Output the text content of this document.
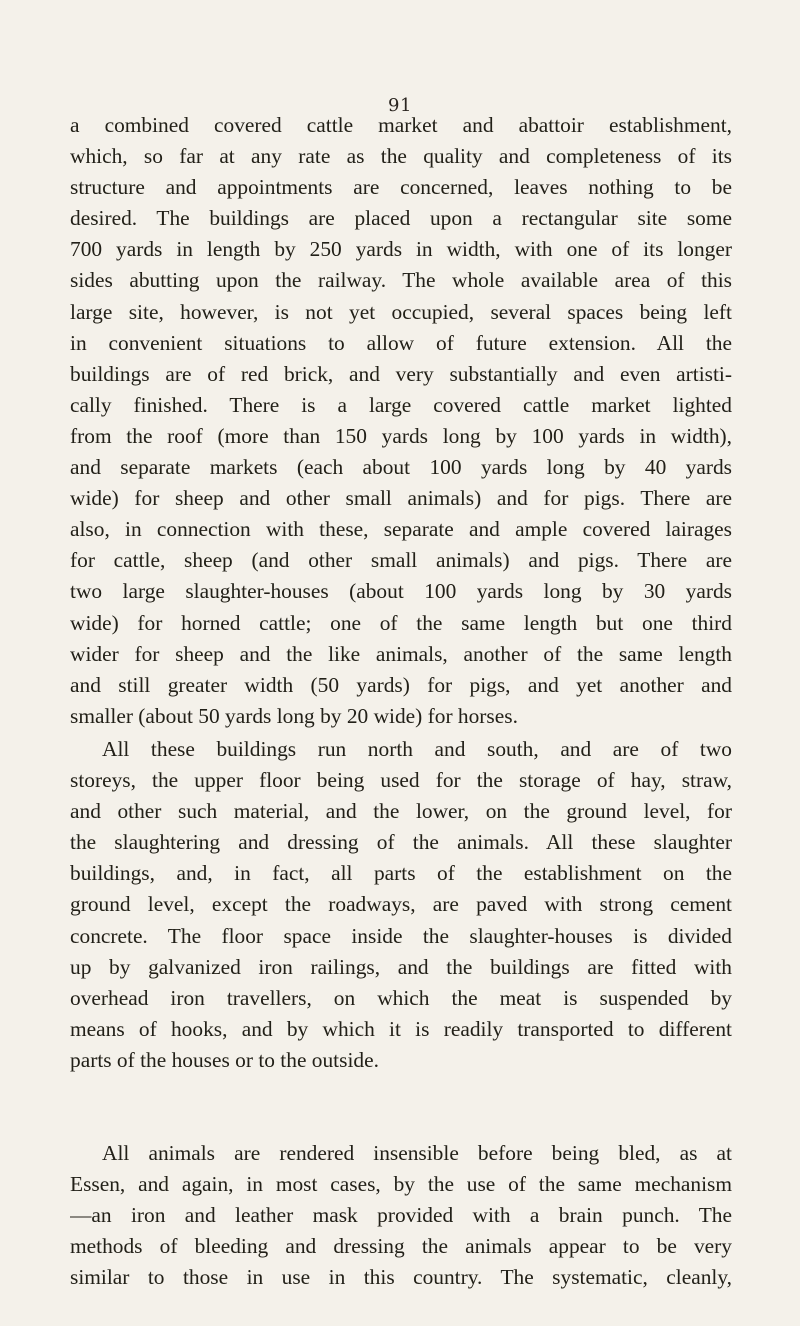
91
a combined covered cattle market and abattoir establishment,
which, so far at any rate as the quality and completeness of its
structure and appointments are concerned, leaves nothing to be
desired. The buildings are placed upon a rectangular site some
700 yards in length by 250 yards in width, with one of its longer
sides abutting upon the railway. The whole available area of this
large site, however, is not yet occupied, several spaces being left
in convenient situations to allow of future extension. All the
buildings are of red brick, and very substantially and even artisti-
cally finished. There is a large covered cattle market lighted
from the roof (more than 150 yards long by 100 yards in width),
and separate markets (each about 100 yards long by 40 yards
wide) for sheep and other small animals) and for pigs. There are
also, in connection with these, separate and ample covered lairages
for cattle, sheep (and other small animals) and pigs. There are
two large slaughter-houses (about 100 yards long by 30 yards
wide) for horned cattle; one of the same length but one third
wider for sheep and the like animals, another of the same length
and still greater width (50 yards) for pigs, and yet another and
smaller (about 50 yards long by 20 wide) for horses.
All these buildings run north and south, and are of two
storeys, the upper floor being used for the storage of hay, straw,
and other such material, and the lower, on the ground level, for
the slaughtering and dressing of the animals. All these slaughter
buildings, and, in fact, all parts of the establishment on the
ground level, except the roadways, are paved with strong cement
concrete. The floor space inside the slaughter-houses is divided
up by galvanized iron railings, and the buildings are fitted with
overhead iron travellers, on which the meat is suspended by
means of hooks, and by which it is readily transported to different
parts of the houses or to the outside.
All animals are rendered insensible before being bled, as at
Essen, and again, in most cases, by the use of the same mechanism
—an iron and leather mask provided with a brain punch. The
methods of bleeding and dressing the animals appear to be very
similar to those in use in this country. The systematic, cleanly,
